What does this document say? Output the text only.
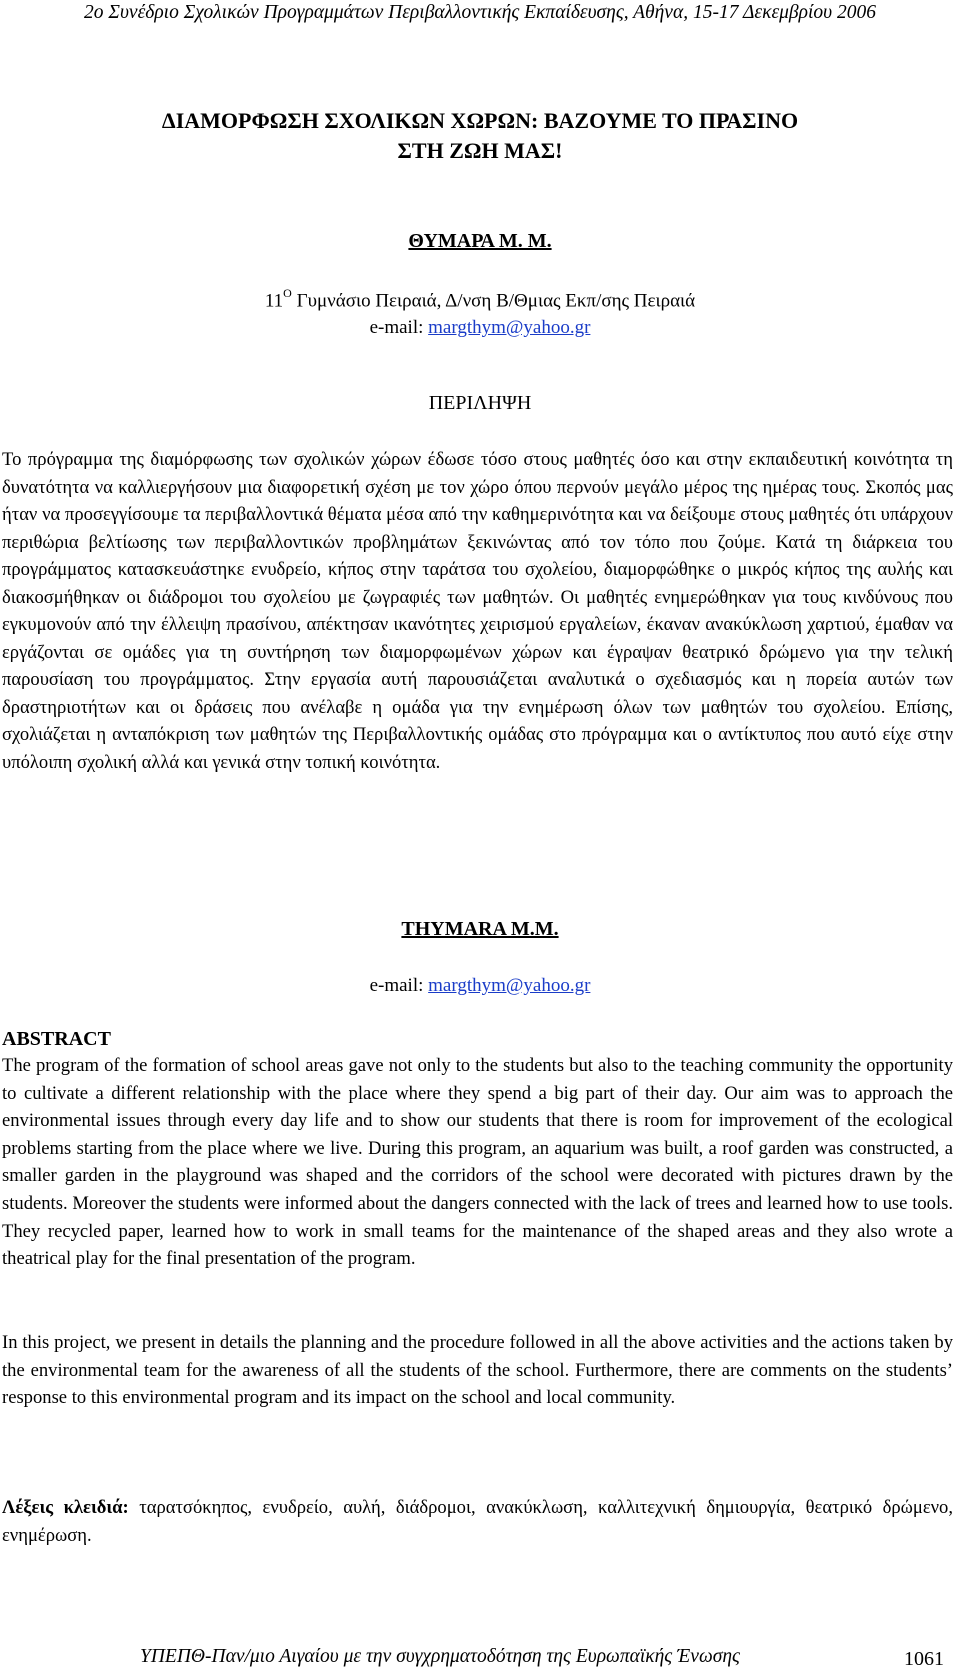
2ο Συνέδριο Σχολικών Προγραμμάτων Περιβαλλοντικής Εκπαίδευσης, Αθήνα, 15-17 Δεκεμβρίου 2006
ΔΙΑΜΟΡΦΩΣΗ ΣΧΟΛΙΚΩΝ ΧΩΡΩΝ: ΒΑΖΟΥΜΕ ΤΟ ΠΡΑΣΙΝΟ
ΣΤΗ ΖΩΗ ΜΑΣ!
ΘΥΜΑΡΑ Μ. Μ.
$11^O$ Γυμνάσιο Πειραιά, Δ/νση Β/Θμιας Εκπ/σης Πειραιά
e-mail: margthym@yahoo.gr
ΠΕΡΙΛΗΨΗ
Το πρόγραμμα της διαμόρφωσης των σχολικών χώρων έδωσε τόσο στους μαθητές όσο και στην εκπαιδευτική κοινότητα τη δυνατότητα να καλλιεργήσουν μια διαφορετική σχέση με τον χώρο όπου περνούν μεγάλο μέρος της ημέρας τους. Σκοπός μας ήταν να προσεγγίσουμε τα περιβαλλοντικά θέματα μέσα από την καθημερινότητα και να δείξουμε στους μαθητές ότι υπάρχουν περιθώρια βελτίωσης των περιβαλλοντικών προβλημάτων ξεκινώντας από τον τόπο που ζούμε. Κατά τη διάρκεια του προγράμματος κατασκευάστηκε ενυδρείο, κήπος στην ταράτσα του σχολείου, διαμορφώθηκε ο μικρός κήπος της αυλής και διακοσμήθηκαν οι διάδρομοι του σχολείου με ζωγραφιές των μαθητών. Οι μαθητές ενημερώθηκαν για τους κινδύνους που εγκυμονούν από την έλλειψη πρασίνου, απέκτησαν ικανότητες χειρισμού εργαλείων, έκαναν ανακύκλωση χαρτιού, έμαθαν να εργάζονται σε ομάδες για τη συντήρηση των διαμορφωμένων χώρων και έγραψαν θεατρικό δρώμενο για την τελική παρουσίαση του προγράμματος. Στην εργασία αυτή παρουσιάζεται αναλυτικά ο σχεδιασμός και η πορεία αυτών των δραστηριοτήτων και οι δράσεις που ανέλαβε η ομάδα για την ενημέρωση όλων των μαθητών του σχολείου. Επίσης, σχολιάζεται η ανταπόκριση των μαθητών της Περιβαλλοντικής ομάδας στο πρόγραμμα και ο αντίκτυπος που αυτό είχε στην υπόλοιπη σχολική αλλά και γενικά στην τοπική κοινότητα.
THYMARA M.M.
e-mail: margthym@yahoo.gr
ABSTRACT
The program of the formation of school areas gave not only to the students but also to the teaching community the opportunity to cultivate a different relationship with the place where they spend a big part of their day. Our aim was to approach the environmental issues through every day life and to show our students that there is room for improvement of the ecological problems starting from the place where we live. During this program, an aquarium was built, a roof garden was constructed, a smaller garden in the playground was shaped and the corridors of the school were decorated with pictures drawn by the students. Moreover the students were informed about the dangers connected with the lack of trees and learned how to use tools. They recycled paper, learned how to work in small teams for the maintenance of the shaped areas and they also wrote a theatrical play for the final presentation of the program.
In this project, we present in details the planning and the procedure followed in all the above activities and the actions taken by the environmental team for the awareness of all the students of the school. Furthermore, there are comments on the students’ response to this environmental program and its impact on the school and local community.
Λέξεις κλειδιά: ταρατσόκηπος, ενυδρείο, αυλή, διάδρομοι, ανακύκλωση, καλλιτεχνική δημιουργία, θεατρικό δρώμενο, ενημέρωση.
ΥΠΕΠΘ-Παν/μιο Αιγαίου με την συγχρηματοδότηση της Ευρωπαϊκής Ένωσης	1061
